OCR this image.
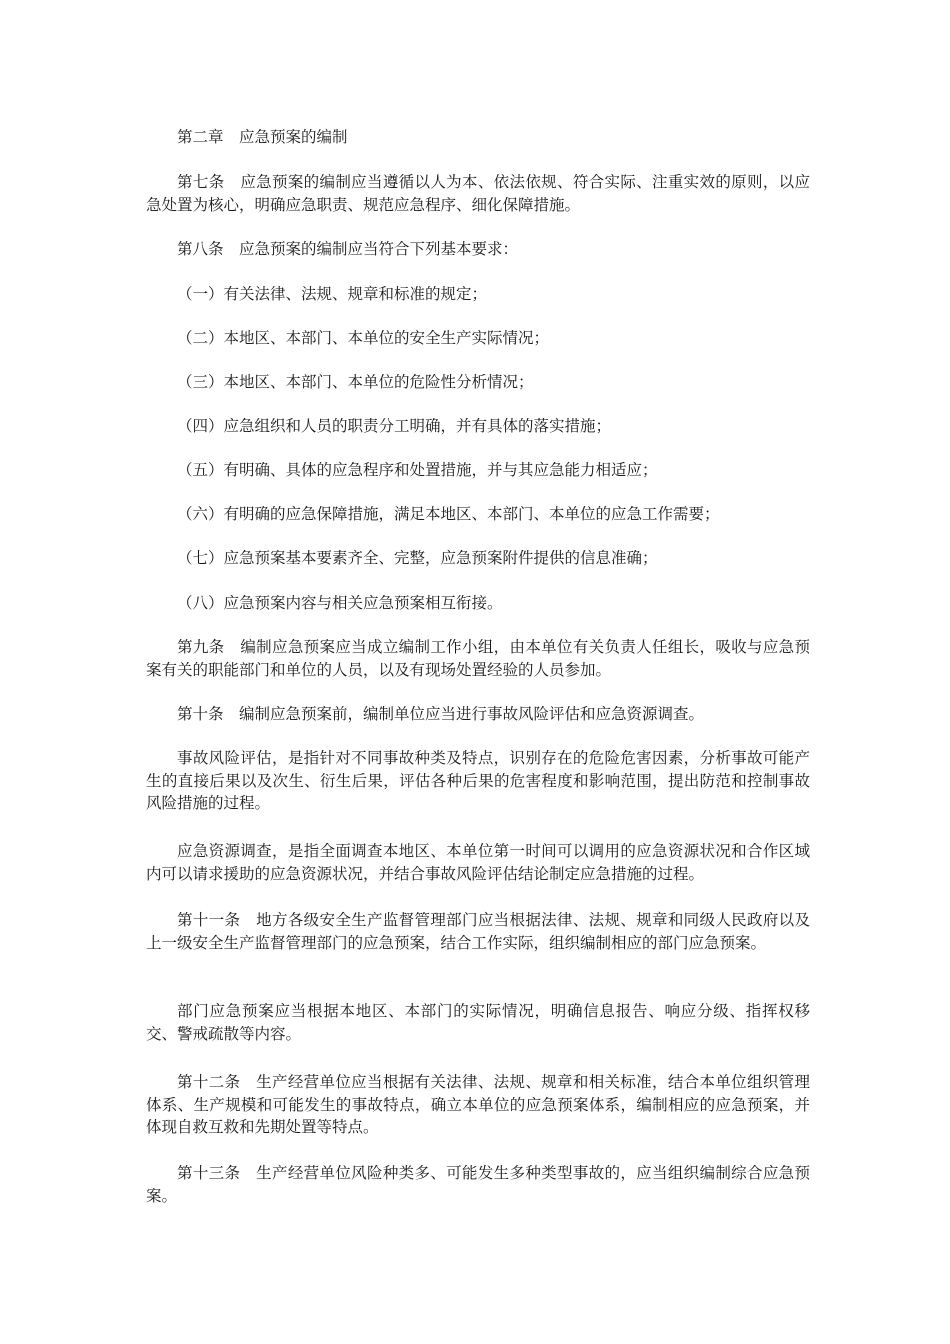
第二章　应急预案的编制

第七条　应急预案的编制应当遵循以人为本、依法依规、符合实际、注重实效的原则，以应急处置为核心，明确应急职责、规范应急程序、细化保障措施。

第八条　应急预案的编制应当符合下列基本要求：

（一）有关法律、法规、规章和标准的规定；

（二）本地区、本部门、本单位的安全生产实际情况；

（三）本地区、本部门、本单位的危险性分析情况；

（四）应急组织和人员的职责分工明确，并有具体的落实措施；

（五）有明确、具体的应急程序和处置措施，并与其应急能力相适应；

（六）有明确的应急保障措施，满足本地区、本部门、本单位的应急工作需要；

（七）应急预案基本要素齐全、完整，应急预案附件提供的信息准确；

（八）应急预案内容与相关应急预案相互衔接。

第九条　编制应急预案应当成立编制工作小组，由本单位有关负责人任组长，吸收与应急预案有关的职能部门和单位的人员，以及有现场处置经验的人员参加。

第十条　编制应急预案前，编制单位应当进行事故风险评估和应急资源调查。

事故风险评估，是指针对不同事故种类及特点，识别存在的危险危害因素，分析事故可能产生的直接后果以及次生、衍生后果，评估各种后果的危害程度和影响范围，提出防范和控制事故风险措施的过程。

应急资源调查，是指全面调查本地区、本单位第一时间可以调用的应急资源状况和合作区域内可以请求援助的应急资源状况，并结合事故风险评估结论制定应急措施的过程。

第十一条　地方各级安全生产监督管理部门应当根据法律、法规、规章和同级人民政府以及上一级安全生产监督管理部门的应急预案，结合工作实际，组织编制相应的部门应急预案。

部门应急预案应当根据本地区、本部门的实际情况，明确信息报告、响应分级、指挥权移交、警戒疏散等内容。

第十二条　生产经营单位应当根据有关法律、法规、规章和相关标准，结合本单位组织管理体系、生产规模和可能发生的事故特点，确立本单位的应急预案体系，编制相应的应急预案，并体现自救互救和先期处置等特点。

第十三条　生产经营单位风险种类多、可能发生多种类型事故的，应当组织编制综合应急预案。
